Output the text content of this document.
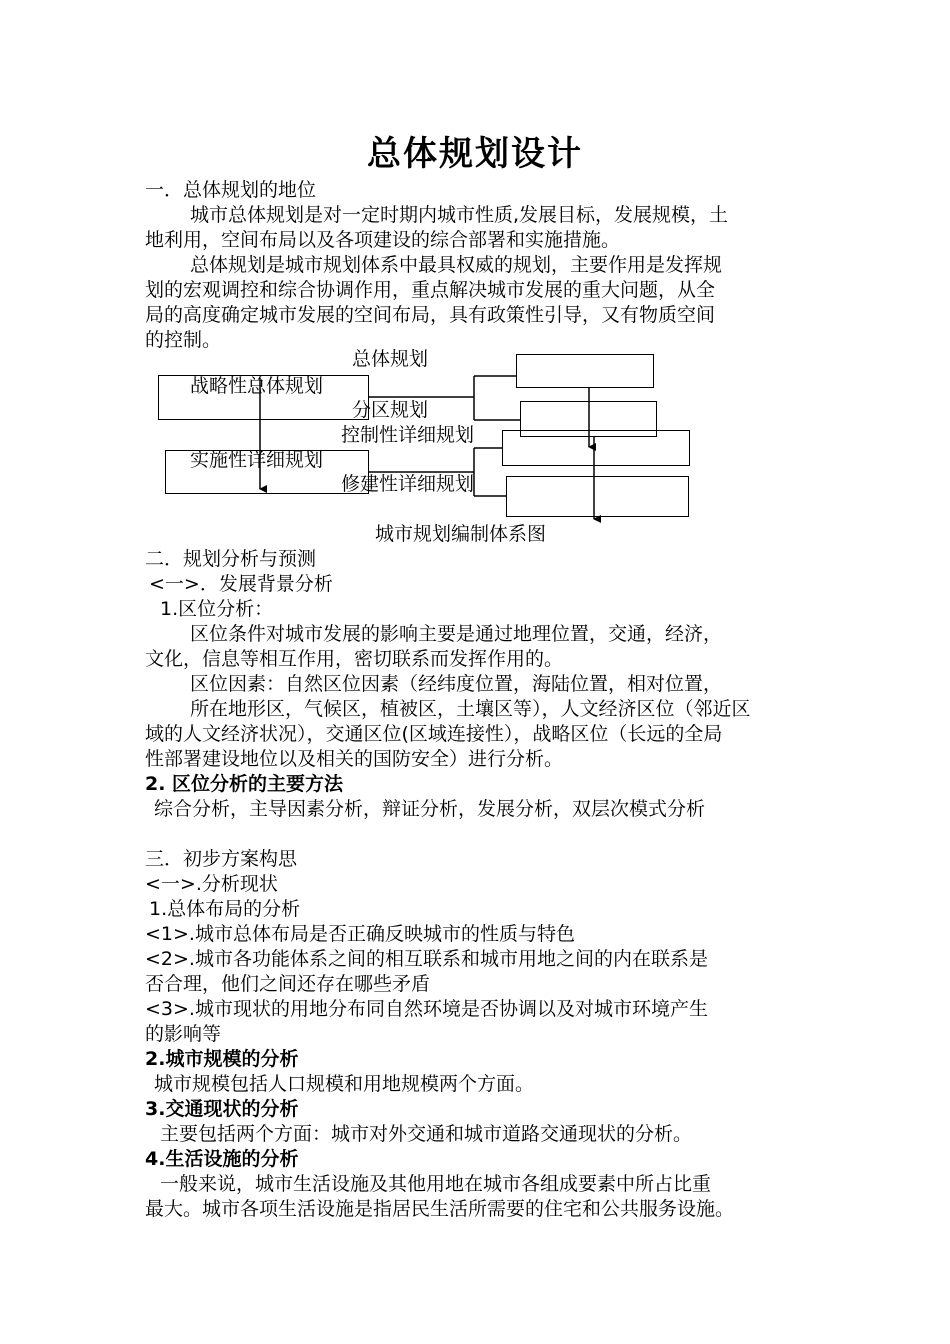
总体规划设计
一．总体规划的地位
城市总体规划是对一定时期内城市性质,发展目标，发展规模，土
地利用，空间布局以及各项建设的综合部署和实施措施。
总体规划是城市规划体系中最具权威的规划，主要作用是发挥规
划的宏观调控和综合协调作用，重点解决城市发展的重大问题，从全
局的高度确定城市发展的空间布局，具有政策性引导，又有物质空间
的控制。
总体规划
战略性总体规划
分区规划
控制性详细规划
实施性详细规划
修建性详细规划
城市规划编制体系图
二．规划分析与预测
<一>．发展背景分析
1.区位分析：
区位条件对城市发展的影响主要是通过地理位置，交通，经济，
文化，信息等相互作用，密切联系而发挥作用的。
区位因素：自然区位因素（经纬度位置，海陆位置，相对位置，
所在地形区，气候区，植被区，土壤区等），人文经济区位（邻近区
域的人文经济状况），交通区位(区域连接性），战略区位（长远的全局
性部署建设地位以及相关的国防安全）进行分析。
2. 区位分析的主要方法
综合分析，主导因素分析，辩证分析，发展分析，双层次模式分析
三．初步方案构思
<一>.分析现状
1.总体布局的分析
<1>.城市总体布局是否正确反映城市的性质与特色
<2>.城市各功能体系之间的相互联系和城市用地之间的内在联系是
否合理，他们之间还存在哪些矛盾
<3>.城市现状的用地分布同自然环境是否协调以及对城市环境产生
的影响等
2.城市规模的分析
城市规模包括人口规模和用地规模两个方面。
3.交通现状的分析
主要包括两个方面：城市对外交通和城市道路交通现状的分析。
4.生活设施的分析
一般来说，城市生活设施及其他用地在城市各组成要素中所占比重
最大。城市各项生活设施是指居民生活所需要的住宅和公共服务设施。
